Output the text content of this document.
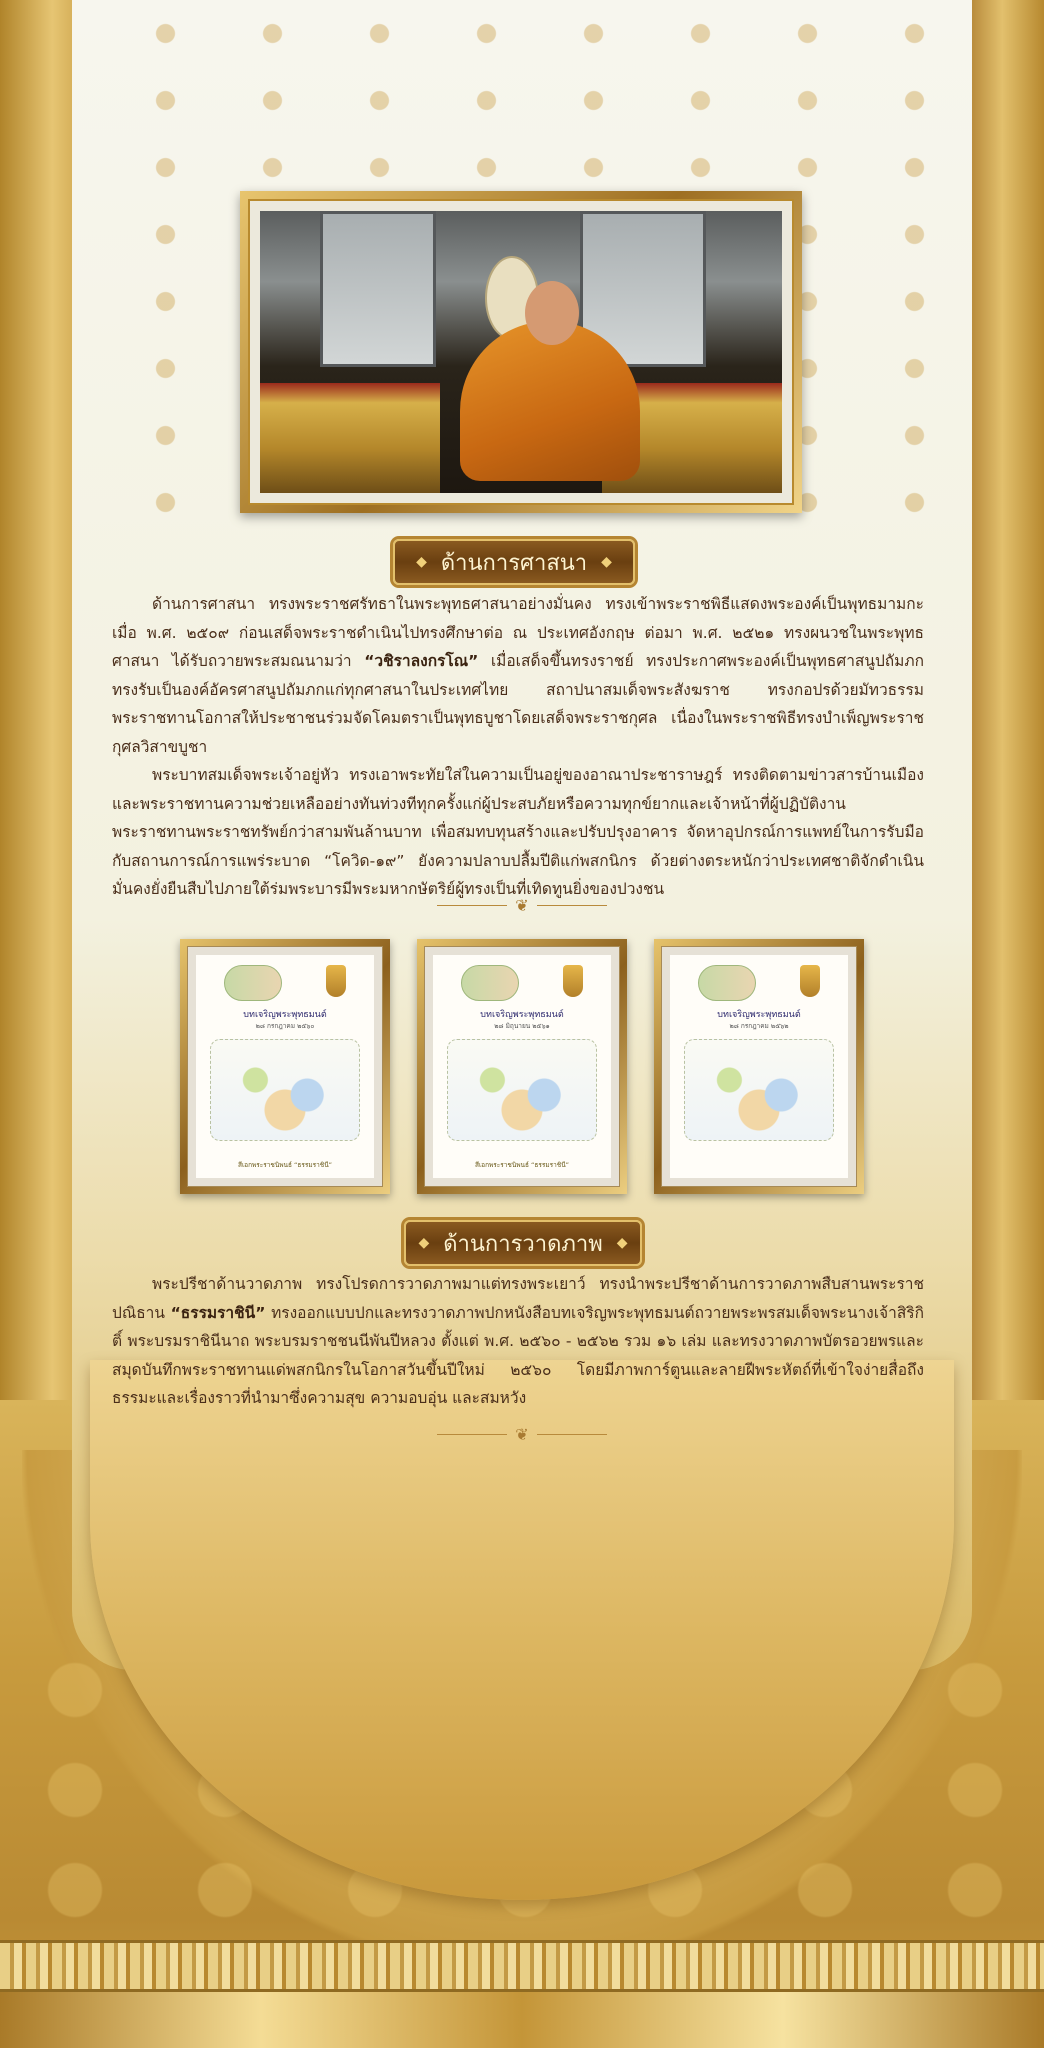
◆ ด้านการศาสนา ◆

ด้านการศาสนา ทรงพระราชศรัทธาในพระพุทธศาสนาอย่างมั่นคง ทรงเข้าพระราชพิธีแสดงพระองค์เป็นพุทธมามกะ เมื่อ พ.ศ. ๒๕๐๙ ก่อนเสด็จพระราชดำเนินไปทรงศึกษาต่อ ณ ประเทศอังกฤษ ต่อมา พ.ศ. ๒๕๒๑ ทรงผนวชในพระพุทธศาสนา ได้รับถวายพระสมณนามว่า “วชิราลงกรโณ” เมื่อเสด็จขึ้นทรงราชย์ ทรงประกาศพระองค์เป็นพุทธศาสนูปถัมภก ทรงรับเป็นองค์อัครศาสนูปถัมภกแก่ทุกศาสนาในประเทศไทย สถาปนาสมเด็จพระสังฆราช ทรงกอปรด้วยมัทวธรรม พระราชทานโอกาสให้ประชาชนร่วมจัดโคมตราเป็นพุทธบูชาโดยเสด็จพระราชกุศล เนื่องในพระราชพิธีทรงบำเพ็ญพระราชกุศลวิสาขบูชา

พระบาทสมเด็จพระเจ้าอยู่หัว ทรงเอาพระทัยใส่ในความเป็นอยู่ของอาณาประชาราษฎร์ ทรงติดตามข่าวสารบ้านเมือง และพระราชทานความช่วยเหลืออย่างทันท่วงทีทุกครั้งแก่ผู้ประสบภัยหรือความทุกข์ยากและเจ้าหน้าที่ผู้ปฏิบัติงาน พระราชทานพระราชทรัพย์กว่าสามพันล้านบาท เพื่อสมทบทุนสร้างและปรับปรุงอาคาร จัดหาอุปกรณ์การแพทย์ในการรับมือกับสถานการณ์การแพร่ระบาด “โควิด-๑๙” ยังความปลาบปลื้มปีติแก่พสกนิกร ด้วยต่างตระหนักว่าประเทศชาติจักดำเนินมั่นคงยั่งยืนสืบไปภายใต้ร่มพระบารมีพระมหากษัตริย์ผู้ทรงเป็นที่เทิดทูนยิ่งของปวงชน

❦
บทเจริญพระพุทธมนต์
๒๘ กรกฎาคม ๒๕๖๐
สีเอกพระราชนิพนธ์ “ธรรมราชินี”
บทเจริญพระพุทธมนต์
๒๘ มิถุนายน ๒๕๖๑
สีเอกพระราชนิพนธ์ “ธรรมราชินี”
บทเจริญพระพุทธมนต์
๒๘ กรกฎาคม ๒๕๖๒
◆ ด้านการวาดภาพ ◆

พระปรีชาด้านวาดภาพ ทรงโปรดการวาดภาพมาแต่ทรงพระเยาว์ ทรงนำพระปรีชาด้านการวาดภาพสืบสานพระราชปณิธาน “ธรรมราชินี” ทรงออกแบบปกและทรงวาดภาพปกหนังสือบทเจริญพระพุทธมนต์ถวายพระพรสมเด็จพระนางเจ้าสิริกิติ์ พระบรมราชินีนาถ พระบรมราชชนนีพันปีหลวง ตั้งแต่ พ.ศ. ๒๕๖๐ - ๒๕๖๒ รวม ๑๖ เล่ม และทรงวาดภาพบัตรอวยพรและสมุดบันทึกพระราชทานแด่พสกนิกรในโอกาสวันขึ้นปีใหม่ ๒๕๖๐ โดยมีภาพการ์ตูนและลายฝีพระหัตถ์ที่เข้าใจง่ายสื่อถึงธรรมะและเรื่องราวที่นำมาซึ่งความสุข ความอบอุ่น และสมหวัง

❦
